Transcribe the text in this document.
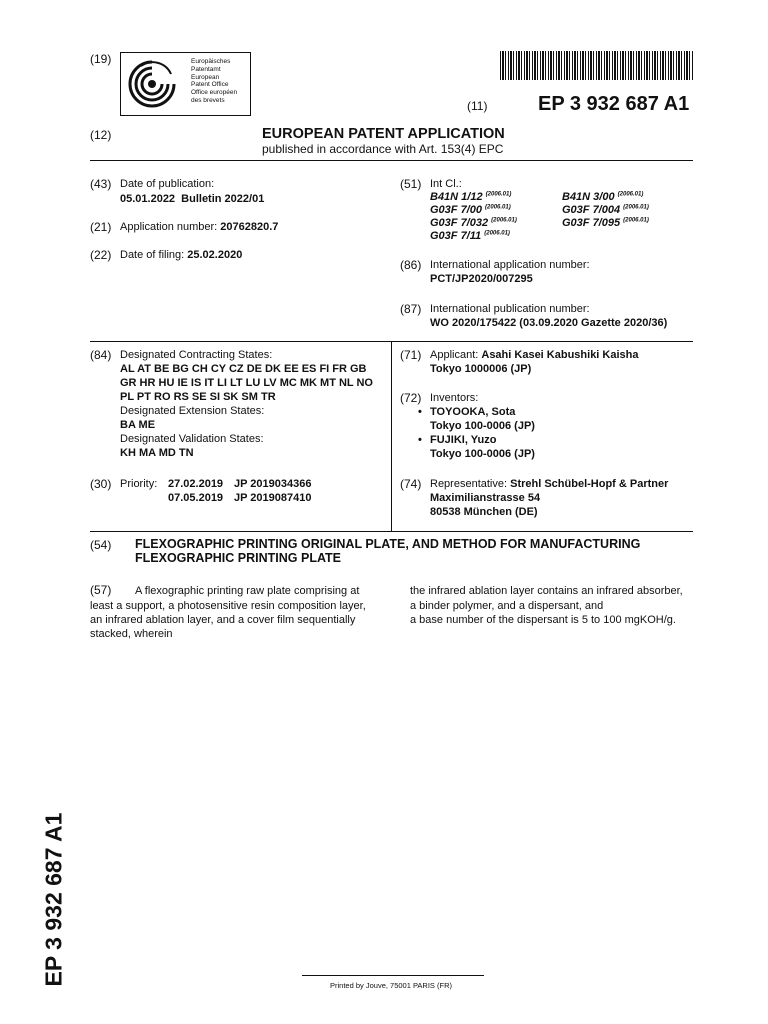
(19)	Europäisches
Patentamt
European
Patent Office
Office européen
des brevets	(11)	EP 3 932 687 A1
(12)	EUROPEAN PATENT APPLICATION
published in accordance with Art. 153(4) EPC
(43) Date of publication:
05.01.2022  Bulletin 2022/01
(21) Application number: 20762820.7
(22) Date of filing: 25.02.2020
(51) Int Cl.:
B41N 1/12 $^{(2006.01)}$	B41N 3/00 $^{(2006.01)}$
G03F 7/00 $^{(2006.01)}$	G03F 7/004 $^{(2006.01)}$
G03F 7/032 $^{(2006.01)}$	G03F 7/095 $^{(2006.01)}$
G03F 7/11 $^{(2006.01)}$
(86) International application number:
PCT/JP2020/007295
(87) International publication number:
WO 2020/175422 (03.09.2020 Gazette 2020/36)
(84) Designated Contracting States:
AL AT BE BG CH CY CZ DE DK EE ES FI FR GB
GR HR HU IE IS IT LI LT LU LV MC MK MT NL NO
PL PT RO RS SE SI SK SM TR
Designated Extension States:
BA ME
Designated Validation States:
KH MA MD TN
(30) Priority: 27.02.2019 JP 2019034366
07.05.2019 JP 2019087410
(71) Applicant: Asahi Kasei Kabushiki Kaisha
Tokyo 1000006 (JP)
(72) Inventors:
• TOYOOKA, Sota
Tokyo 100-0006 (JP)
• FUJIKI, Yuzo
Tokyo 100-0006 (JP)
(74) Representative: Strehl Schübel-Hopf & Partner
Maximilianstrasse 54
80538 München (DE)
(54) FLEXOGRAPHIC PRINTING ORIGINAL PLATE, AND METHOD FOR MANUFACTURING
FLEXOGRAPHIC PRINTING PLATE
(57) A flexographic printing raw plate comprising at
least a support, a photosensitive resin composition layer,
an infrared ablation layer, and a cover film sequentially
stacked, wherein
the infrared ablation layer contains an infrared absorber,
a binder polymer, and a dispersant, and
a base number of the dispersant is 5 to 100 mgKOH/g.
EP 3 932 687 A1	Printed by Jouve, 75001 PARIS (FR)
